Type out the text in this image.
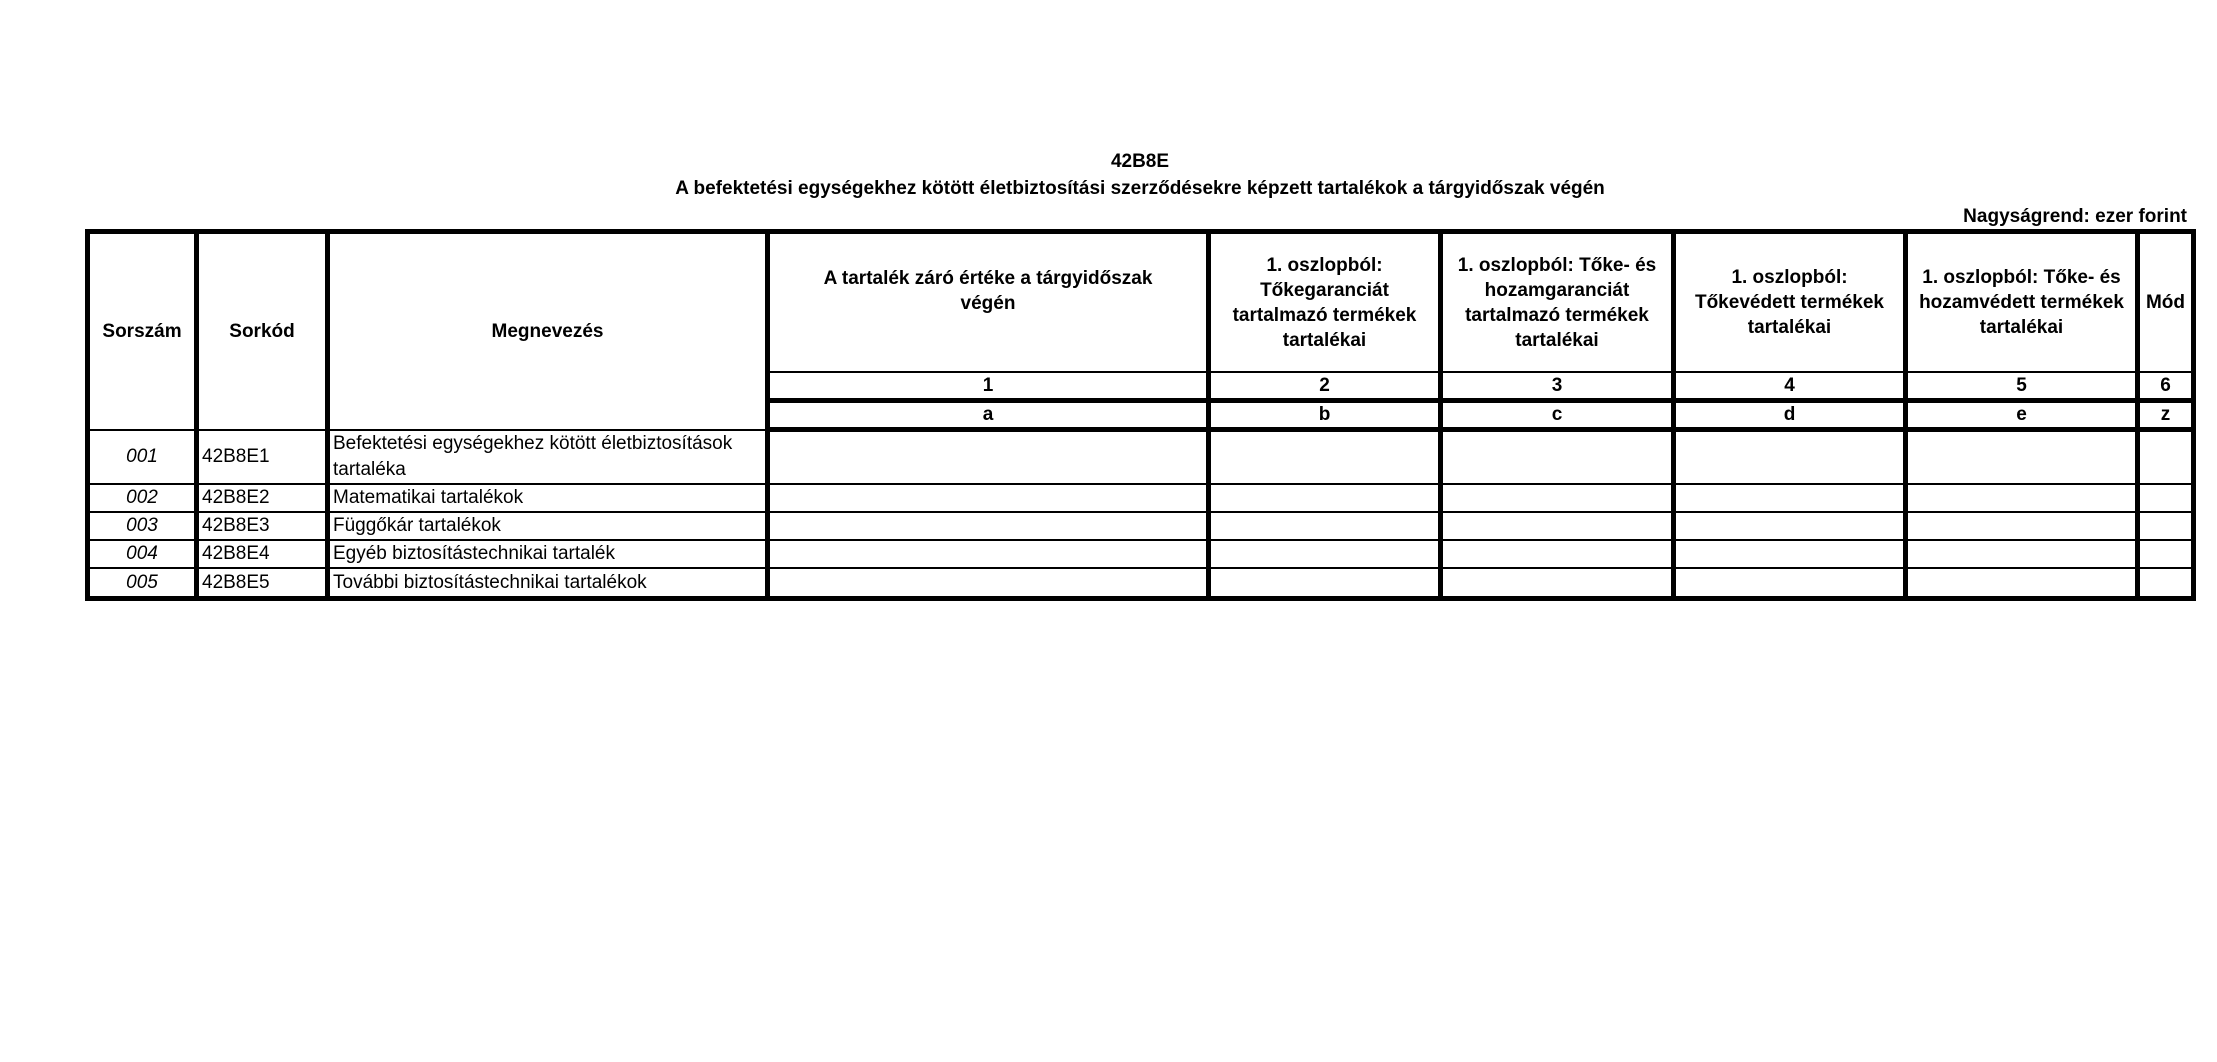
42B8E
A befektetési egységekhez kötött életbiztosítási szerződésekre képzett tartalékok a tárgyidőszak végén
Nagyságrend: ezer forint
Sorszám	Sorkód	Megnevezés	A tartalék záró értéke a tárgyidőszak végén	1. oszlopból: Tőkegaranciát tartalmazó termékek tartalékai	1. oszlopból: Tőke- és hozamgaranciát tartalmazó termékek tartalékai	1. oszlopból: Tőkevédett termékek tartalékai	1. oszlopból: Tőke- és hozamvédett termékek tartalékai	Mód
			1	2	3	4	5	6
			a	b	c	d	e	z
001	42B8E1	Befektetési egységekhez kötött életbiztosítások tartaléka						
002	42B8E2	Matematikai tartalékok						
003	42B8E3	Függőkár tartalékok						
004	42B8E4	Egyéb biztosítástechnikai tartalék						
005	42B8E5	További biztosítástechnikai tartalékok						
